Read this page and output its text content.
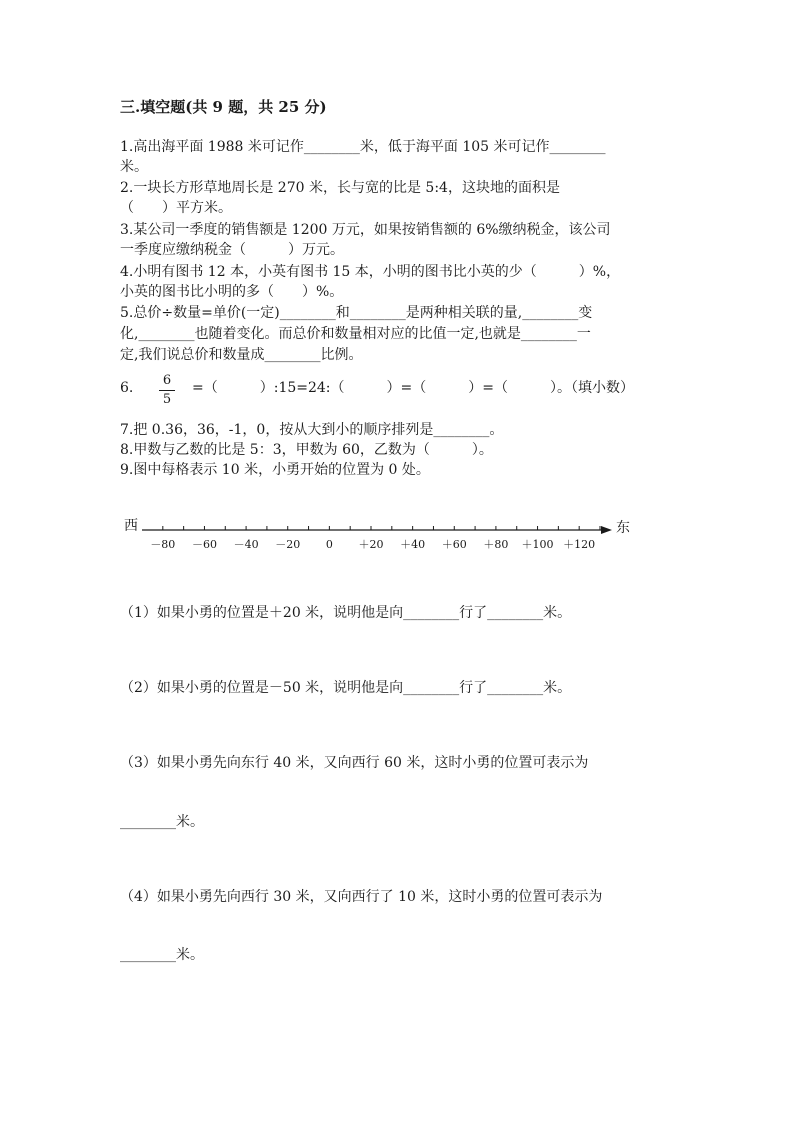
三.填空题(共 9 题，共 25 分)
1.高出海平面 1988 米可记作________米，低于海平面 105 米可记作________
米。
2.一块长方形草地周长是 270 米，长与宽的比是 5:4，这块地的面积是
（　　）平方米。
3.某公司一季度的销售额是 1200 万元，如果按销售额的 6%缴纳税金，该公司
一季度应缴纳税金（　　　）万元。
4.小明有图书 12 本，小英有图书 15 本，小明的图书比小英的少（　　　）%，
小英的图书比小明的多（　　）%。
5.总价÷数量=单价(一定)________和________是两种相关联的量,________变
化,________也随着变化。而总价和数量相对应的比值一定,也就是________一
定,我们说总价和数量成________比例。
6.	6
5
=（　　　）:15=24:（　　　）=（　　　）=（　　　）。（填小数）
7.把 0.36，36，-1，0，按从大到小的顺序排列是________。
8.甲数与乙数的比是 5：3，甲数为 60，乙数为（　　　）。
9.图中每格表示 10 米，小勇开始的位置为 0 处。
西	东
－80 －60 －40 －20 0 ＋20 ＋40 ＋60 ＋80 ＋100 ＋120
（1）如果小勇的位置是＋20 米，说明他是向________行了________米。
（2）如果小勇的位置是－50 米，说明他是向________行了________米。
（3）如果小勇先向东行 40 米，又向西行 60 米，这时小勇的位置可表示为
________米。
（4）如果小勇先向西行 30 米，又向西行了 10 米，这时小勇的位置可表示为
________米。
